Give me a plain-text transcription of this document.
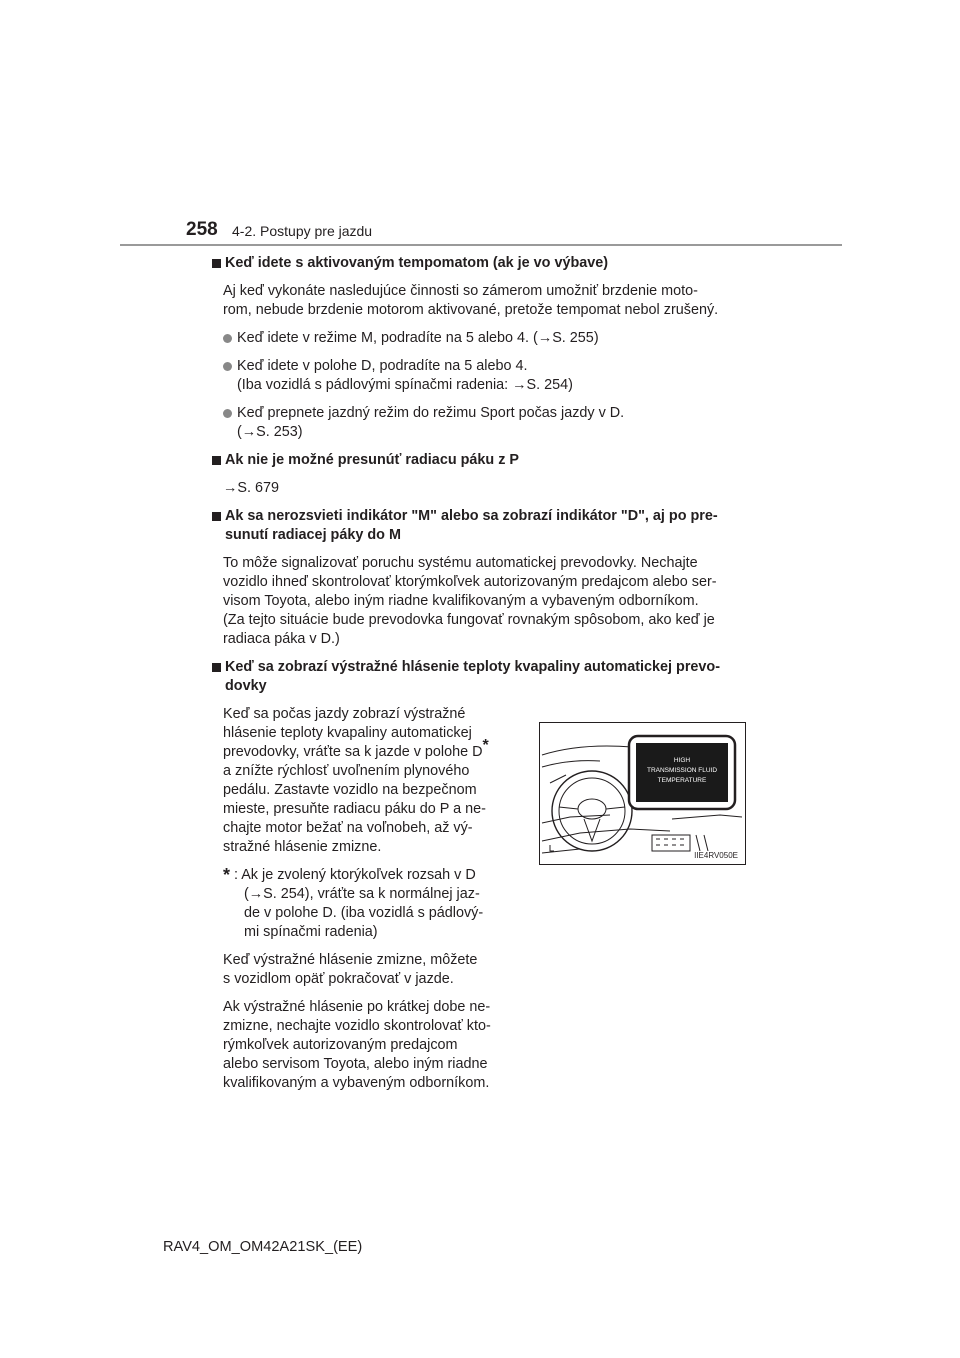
258 4-2. Postupy pre jazdu
Keď idete s aktivovaným tempomatom (ak je vo výbave)
Aj keď vykonáte nasledujúce činnosti so zámerom umožniť brzdenie moto-
rom, nebude brzdenie motorom aktivované, pretože tempomat nebol zrušený.
Keď idete v režime M, podradíte na 5 alebo 4. (→S. 255)
Keď idete v polohe D, podradíte na 5 alebo 4.
(Iba vozidlá s pádlovými spínačmi radenia: →S. 254)
Keď prepnete jazdný režim do režimu Sport počas jazdy v D.
(→S. 253)
Ak nie je možné presunúť radiacu páku z P
→S. 679
Ak sa nerozsvieti indikátor "M" alebo sa zobrazí indikátor "D", aj po pre-
sunutí radiacej páky do M
To môže signalizovať poruchu systému automatickej prevodovky. Nechajte
vozidlo ihneď skontrolovať ktorýmkoľvek autorizovaným predajcom alebo ser-
visom Toyota, alebo iným riadne kvalifikovaným a vybaveným odborníkom.
(Za tejto situácie bude prevodovka fungovať rovnakým spôsobom, ako keď je
radiaca páka v D.)
Keď sa zobrazí výstražné hlásenie teploty kvapaliny automatickej prevo-
dovky

Keď sa počas jazdy zobrazí výstražné
hlásenie teploty kvapaliny automatickej
prevodovky, vráťte sa k jazde v polohe D*
a znížte rýchlosť uvoľnením plynového
pedálu. Zastavte vozidlo na bezpečnom
mieste, presuňte radiacu páku do P a ne-
chajte motor bežať na voľnobeh, až vý-
stražné hlásenie zmizne.

* : Ak je zvolený ktorýkoľvek rozsah v D
(→S. 254), vráťte sa k normálnej jaz-
de v polohe D. (iba vozidlá s pádlový-
mi spínačmi radenia)

Keď výstražné hlásenie zmizne, môžete
s vozidlom opäť pokračovať v jazde.

Ak výstražné hlásenie po krátkej dobe ne-
zmizne, nechajte vozidlo skontrolovať kto-
rýmkoľvek autorizovaným predajcom
alebo servisom Toyota, alebo iným riadne
kvalifikovaným a vybaveným odborníkom.

HIGH
TRANSMISSION FLUID
TEMPERATURE
IIE4RV050E
RAV4_OM_OM42A21SK_(EE)
